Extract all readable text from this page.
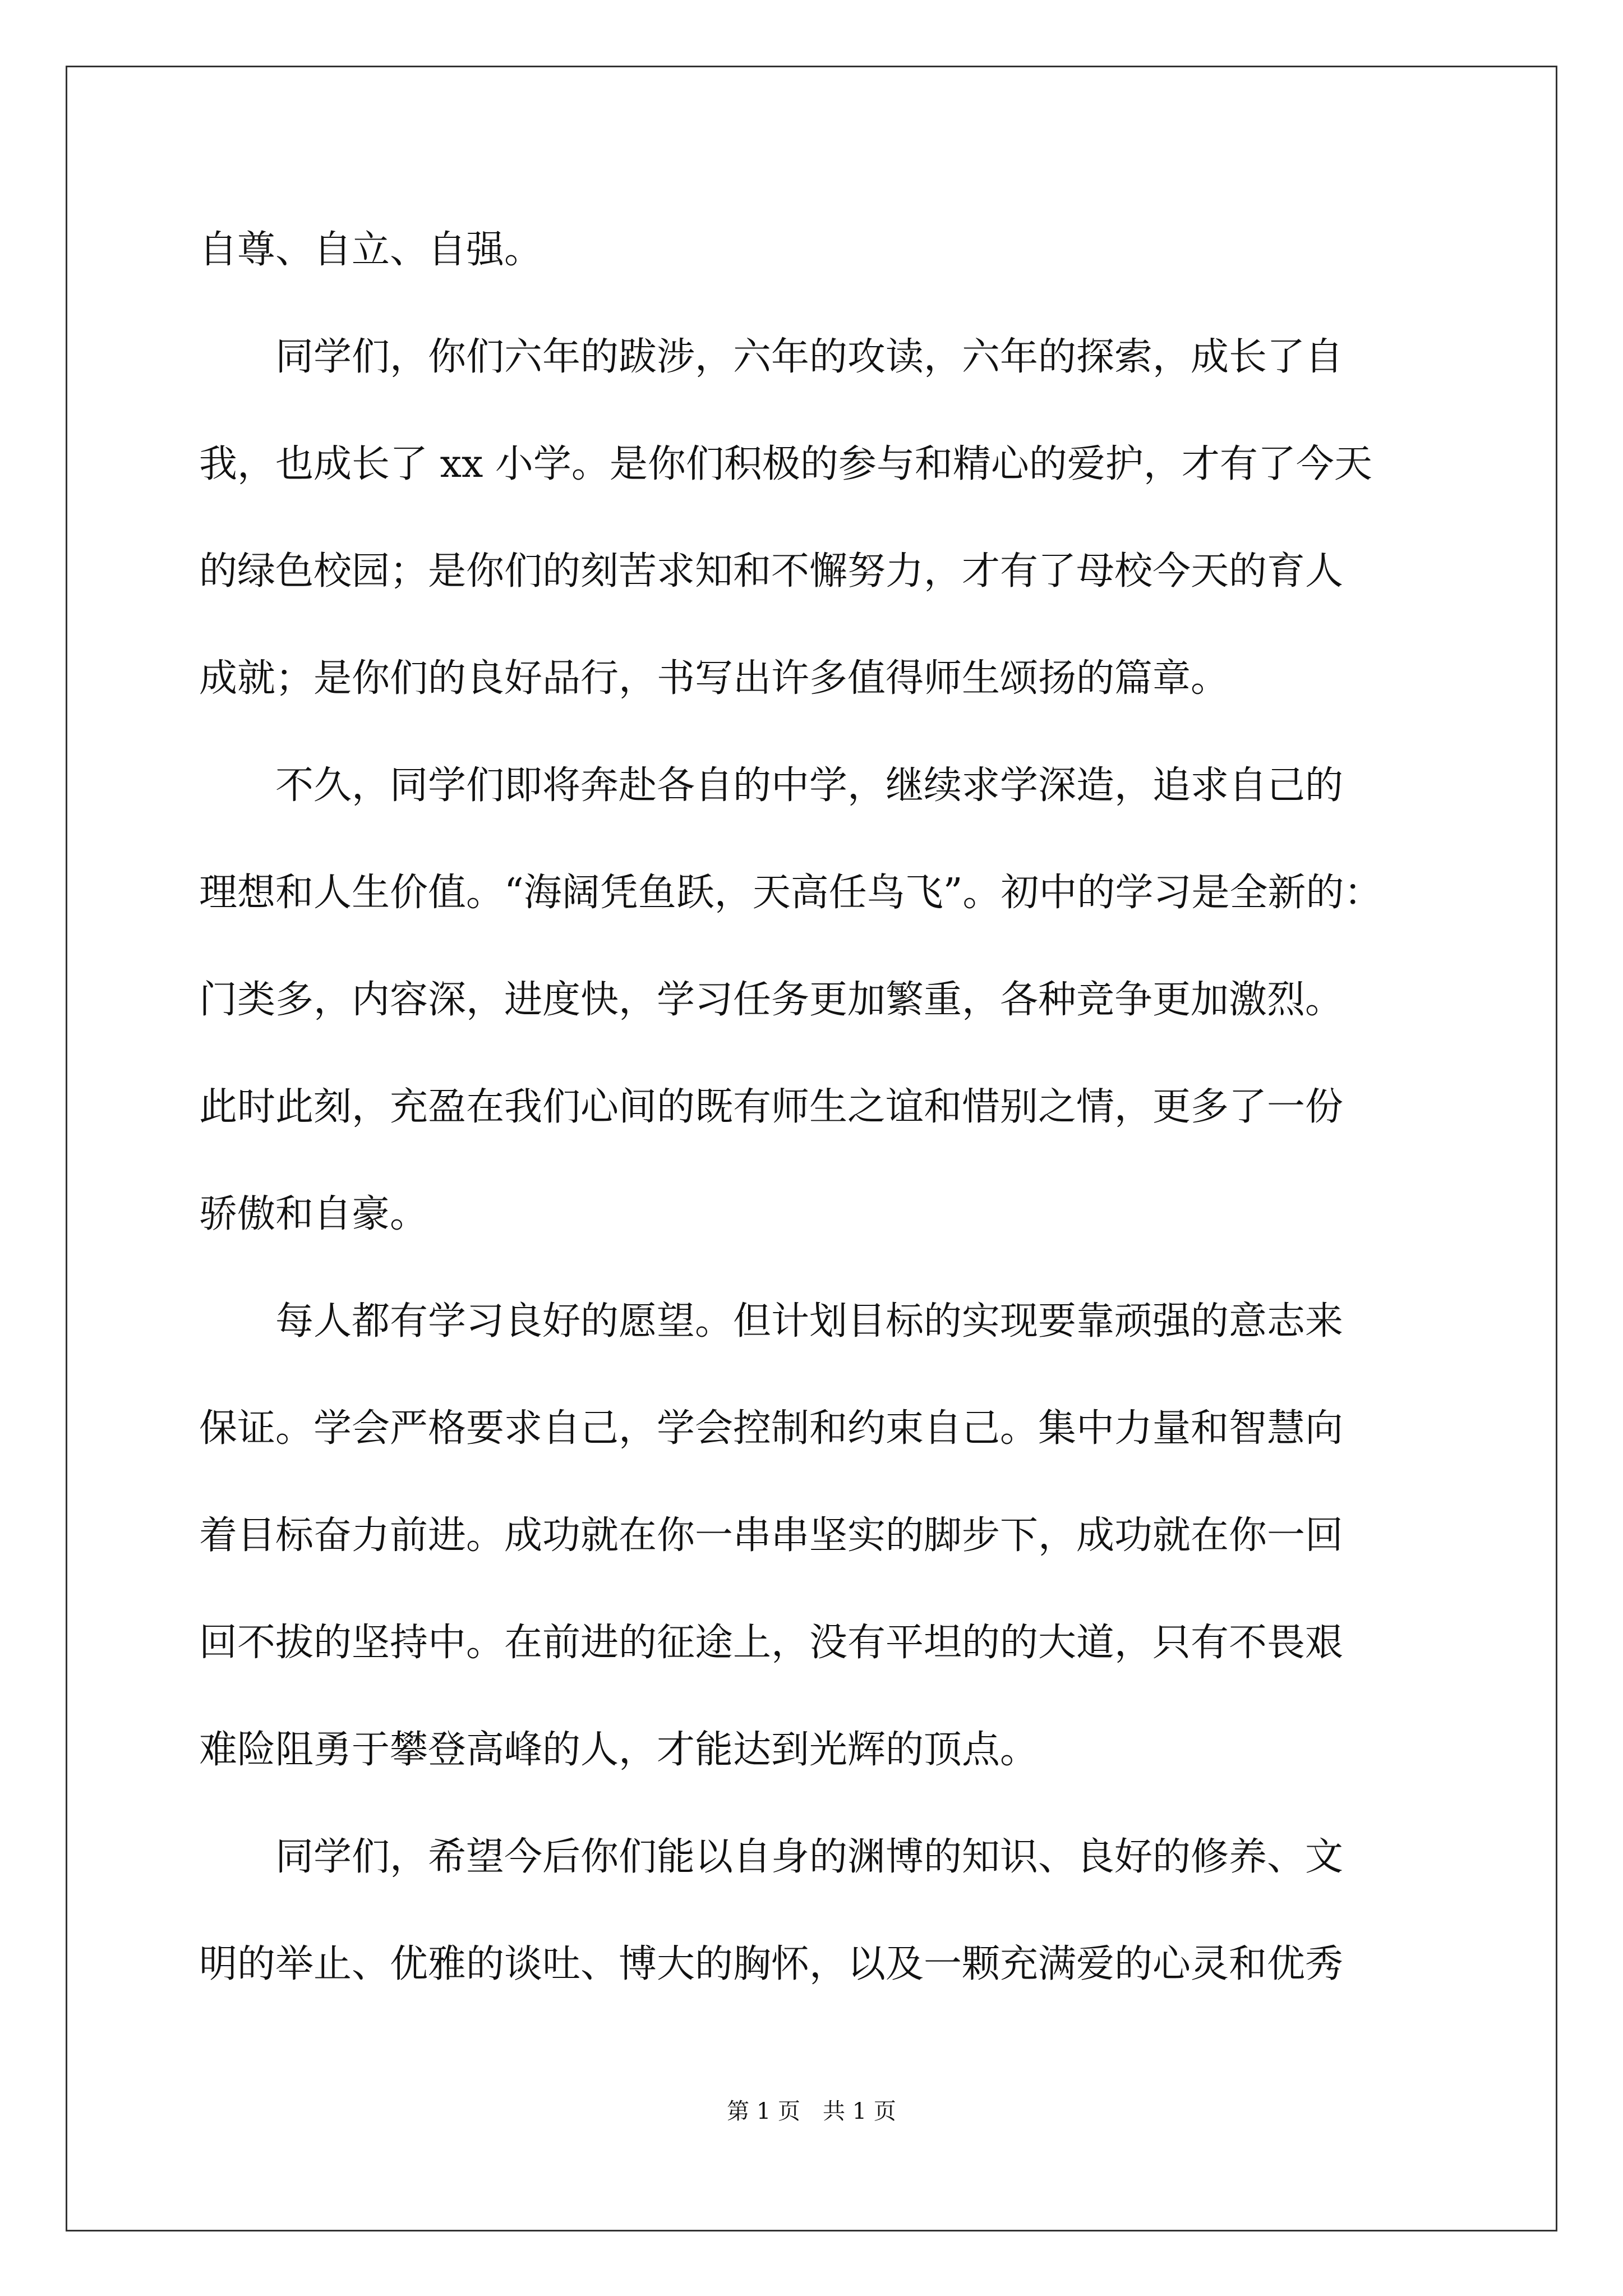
自尊、自立、自强。
　　同学们，你们六年的跋涉，六年的攻读，六年的探索，成长了自
我，也成长了 xx 小学。是你们积极的参与和精心的爱护，才有了今天
的绿色校园；是你们的刻苦求知和不懈努力，才有了母校今天的育人
成就；是你们的良好品行，书写出许多值得师生颂扬的篇章。
　　不久，同学们即将奔赴各自的中学，继续求学深造，追求自己的
理想和人生价值。“海阔凭鱼跃，天高任鸟飞”。初中的学习是全新的：
门类多，内容深，进度快，学习任务更加繁重，各种竞争更加激烈。
此时此刻，充盈在我们心间的既有师生之谊和惜别之情，更多了一份
骄傲和自豪。
　　每人都有学习良好的愿望。但计划目标的实现要靠顽强的意志来
保证。学会严格要求自己，学会控制和约束自己。集中力量和智慧向
着目标奋力前进。成功就在你一串串坚实的脚步下，成功就在你一回
回不拔的坚持中。在前进的征途上，没有平坦的的大道，只有不畏艰
难险阻勇于攀登高峰的人，才能达到光辉的顶点。
　　同学们，希望今后你们能以自身的渊博的知识、良好的修养、文
明的举止、优雅的谈吐、博大的胸怀，以及一颗充满爱的心灵和优秀
第 1 页　共 1 页
